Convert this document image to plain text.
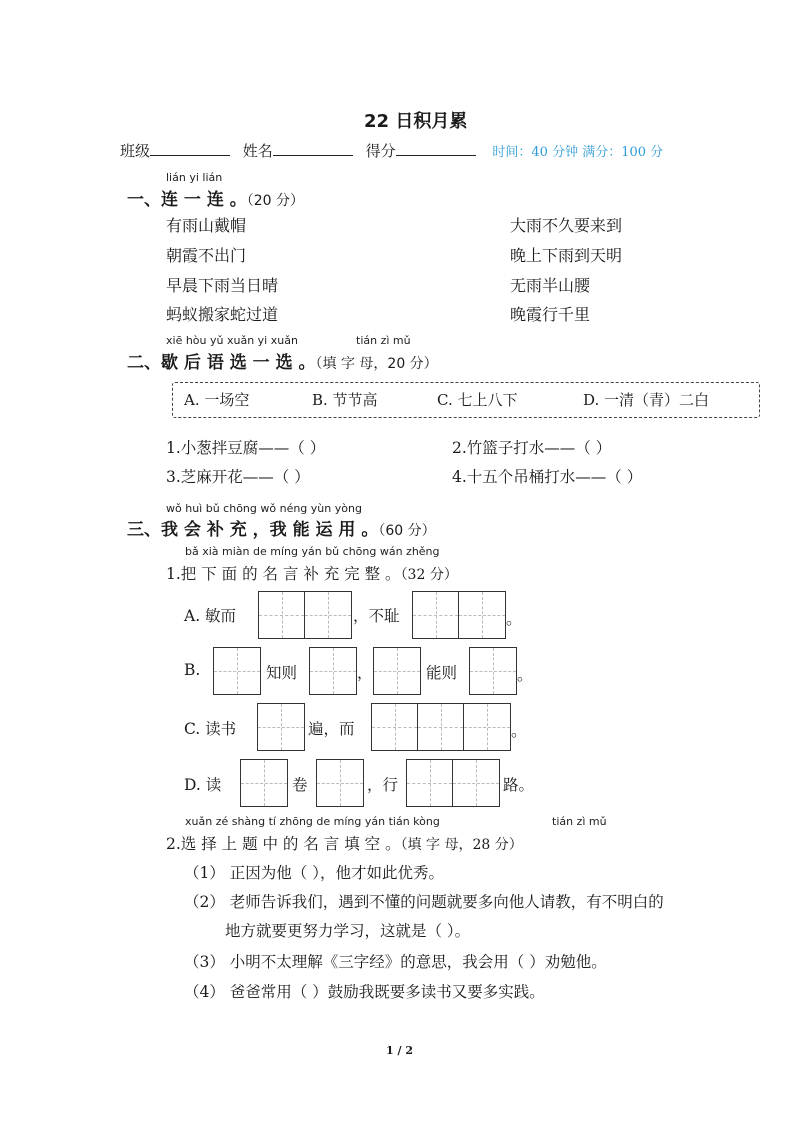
22 日积月累
班级	姓名	得分	时间：40 分钟 满分：100 分
lián yi lián
一、连 一 连 。（20 分）
有雨山戴帽
朝霞不出门
早晨下雨当日晴
蚂蚁搬家蛇过道
大雨不久要来到
晚上下雨到天明
无雨半山腰
晚霞行千里
xiē hòu yǔ xuǎn yi xuǎn	tián zì mǔ
二、歇 后 语 选 一 选 。（填 字 母，20 分）
A. 一场空	B. 节节高	C. 七上八下	D. 一清（青）二白
1.小葱拌豆腐——（ ）	2.竹篮子打水——（ ）
3.芝麻开花——（ ）	4.十五个吊桶打水——（ ）
wǒ huì bǔ chōng wǒ néng yùn yòng
三、我 会 补 充 ，我 能 运 用 。（60 分）
bǎ xià miàn de míng yán bǔ chōng wán zhěng
1.把 下 面 的 名 言 补 充 完 整 。（32 分）
A. 敏而	，不耻	。
B.	知则	，	能则	。
C. 读书	遍，而	。
D. 读	卷	，行	路。
xuǎn zé shàng tí zhōng de míng yán tián kòng	tián zì mǔ
2.选 择 上 题 中 的 名 言 填 空 。（填 字 母，28 分）
（1） 正因为他（ ），他才如此优秀。
（2） 老师告诉我们，遇到不懂的问题就要多向他人请教，有不明白的
地方就要更努力学习，这就是（ ）。
（3） 小明不太理解《三字经》的意思，我会用（ ）劝勉他。
（4） 爸爸常用（ ）鼓励我既要多读书又要多实践。
1 / 2
